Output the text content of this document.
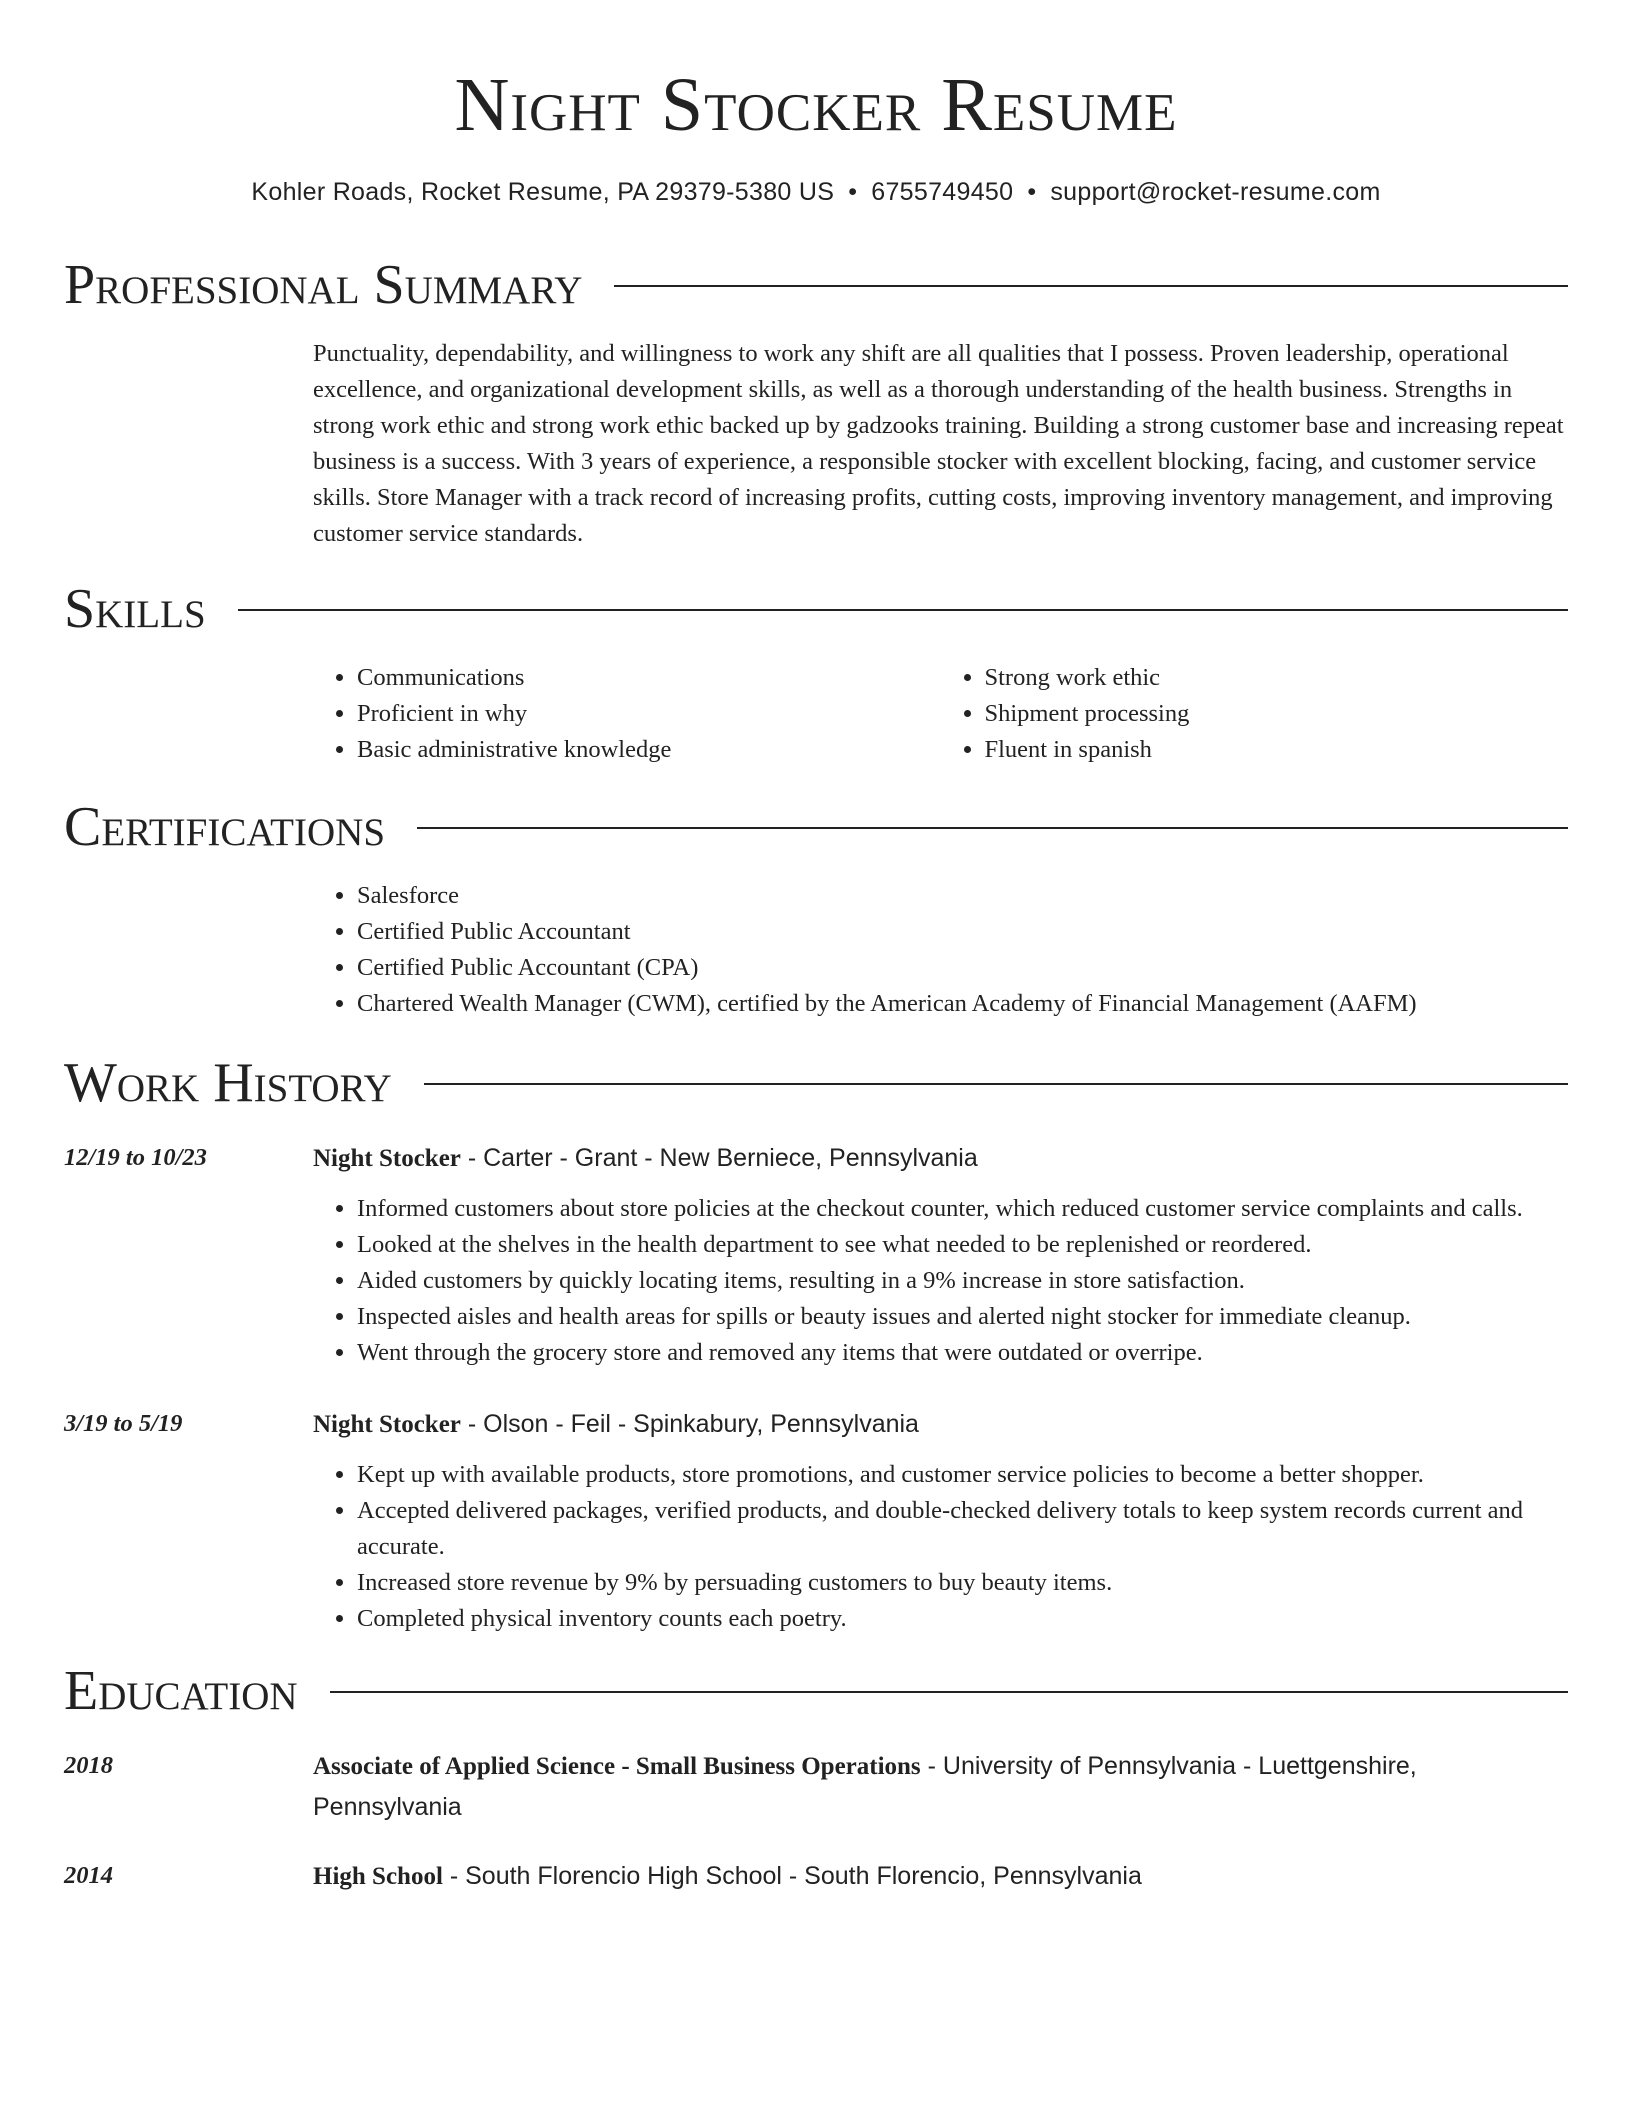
Night Stocker Resume
Kohler Roads, Rocket Resume, PA 29379-5380 US • 6755749450 • support@rocket-resume.com
Professional Summary

Punctuality, dependability, and willingness to work any shift are all qualities that I possess. Proven leadership, operational excellence, and organizational development skills, as well as a thorough understanding of the health business. Strengths in strong work ethic and strong work ethic backed up by gadzooks training. Building a strong customer base and increasing repeat business is a success. With 3 years of experience, a responsible stocker with excellent blocking, facing, and customer service skills. Store Manager with a track record of increasing profits, cutting costs, improving inventory management, and improving customer service standards.

Skills
• Communications
• Proficient in why
• Basic administrative knowledge
• Strong work ethic
• Shipment processing
• Fluent in spanish
Certifications
• Salesforce
• Certified Public Accountant
• Certified Public Accountant (CPA)
• Chartered Wealth Manager (CWM), certified by the American Academy of Financial Management (AAFM)
Work History
12/19 to 10/23	Night Stocker - Carter - Grant - New Berniece, Pennsylvania
• Informed customers about store policies at the checkout counter, which reduced customer service complaints and calls.
• Looked at the shelves in the health department to see what needed to be replenished or reordered.
• Aided customers by quickly locating items, resulting in a 9% increase in store satisfaction.
• Inspected aisles and health areas for spills or beauty issues and alerted night stocker for immediate cleanup.
• Went through the grocery store and removed any items that were outdated or overripe.
3/19 to 5/19	Night Stocker - Olson - Feil - Spinkabury, Pennsylvania
• Kept up with available products, store promotions, and customer service policies to become a better shopper.
• Accepted delivered packages, verified products, and double-checked delivery totals to keep system records current and accurate.
• Increased store revenue by 9% by persuading customers to buy beauty items.
• Completed physical inventory counts each poetry.
Education
2018	Associate of Applied Science - Small Business Operations - University of Pennsylvania - Luettgenshire, Pennsylvania
2014	High School - South Florencio High School - South Florencio, Pennsylvania
